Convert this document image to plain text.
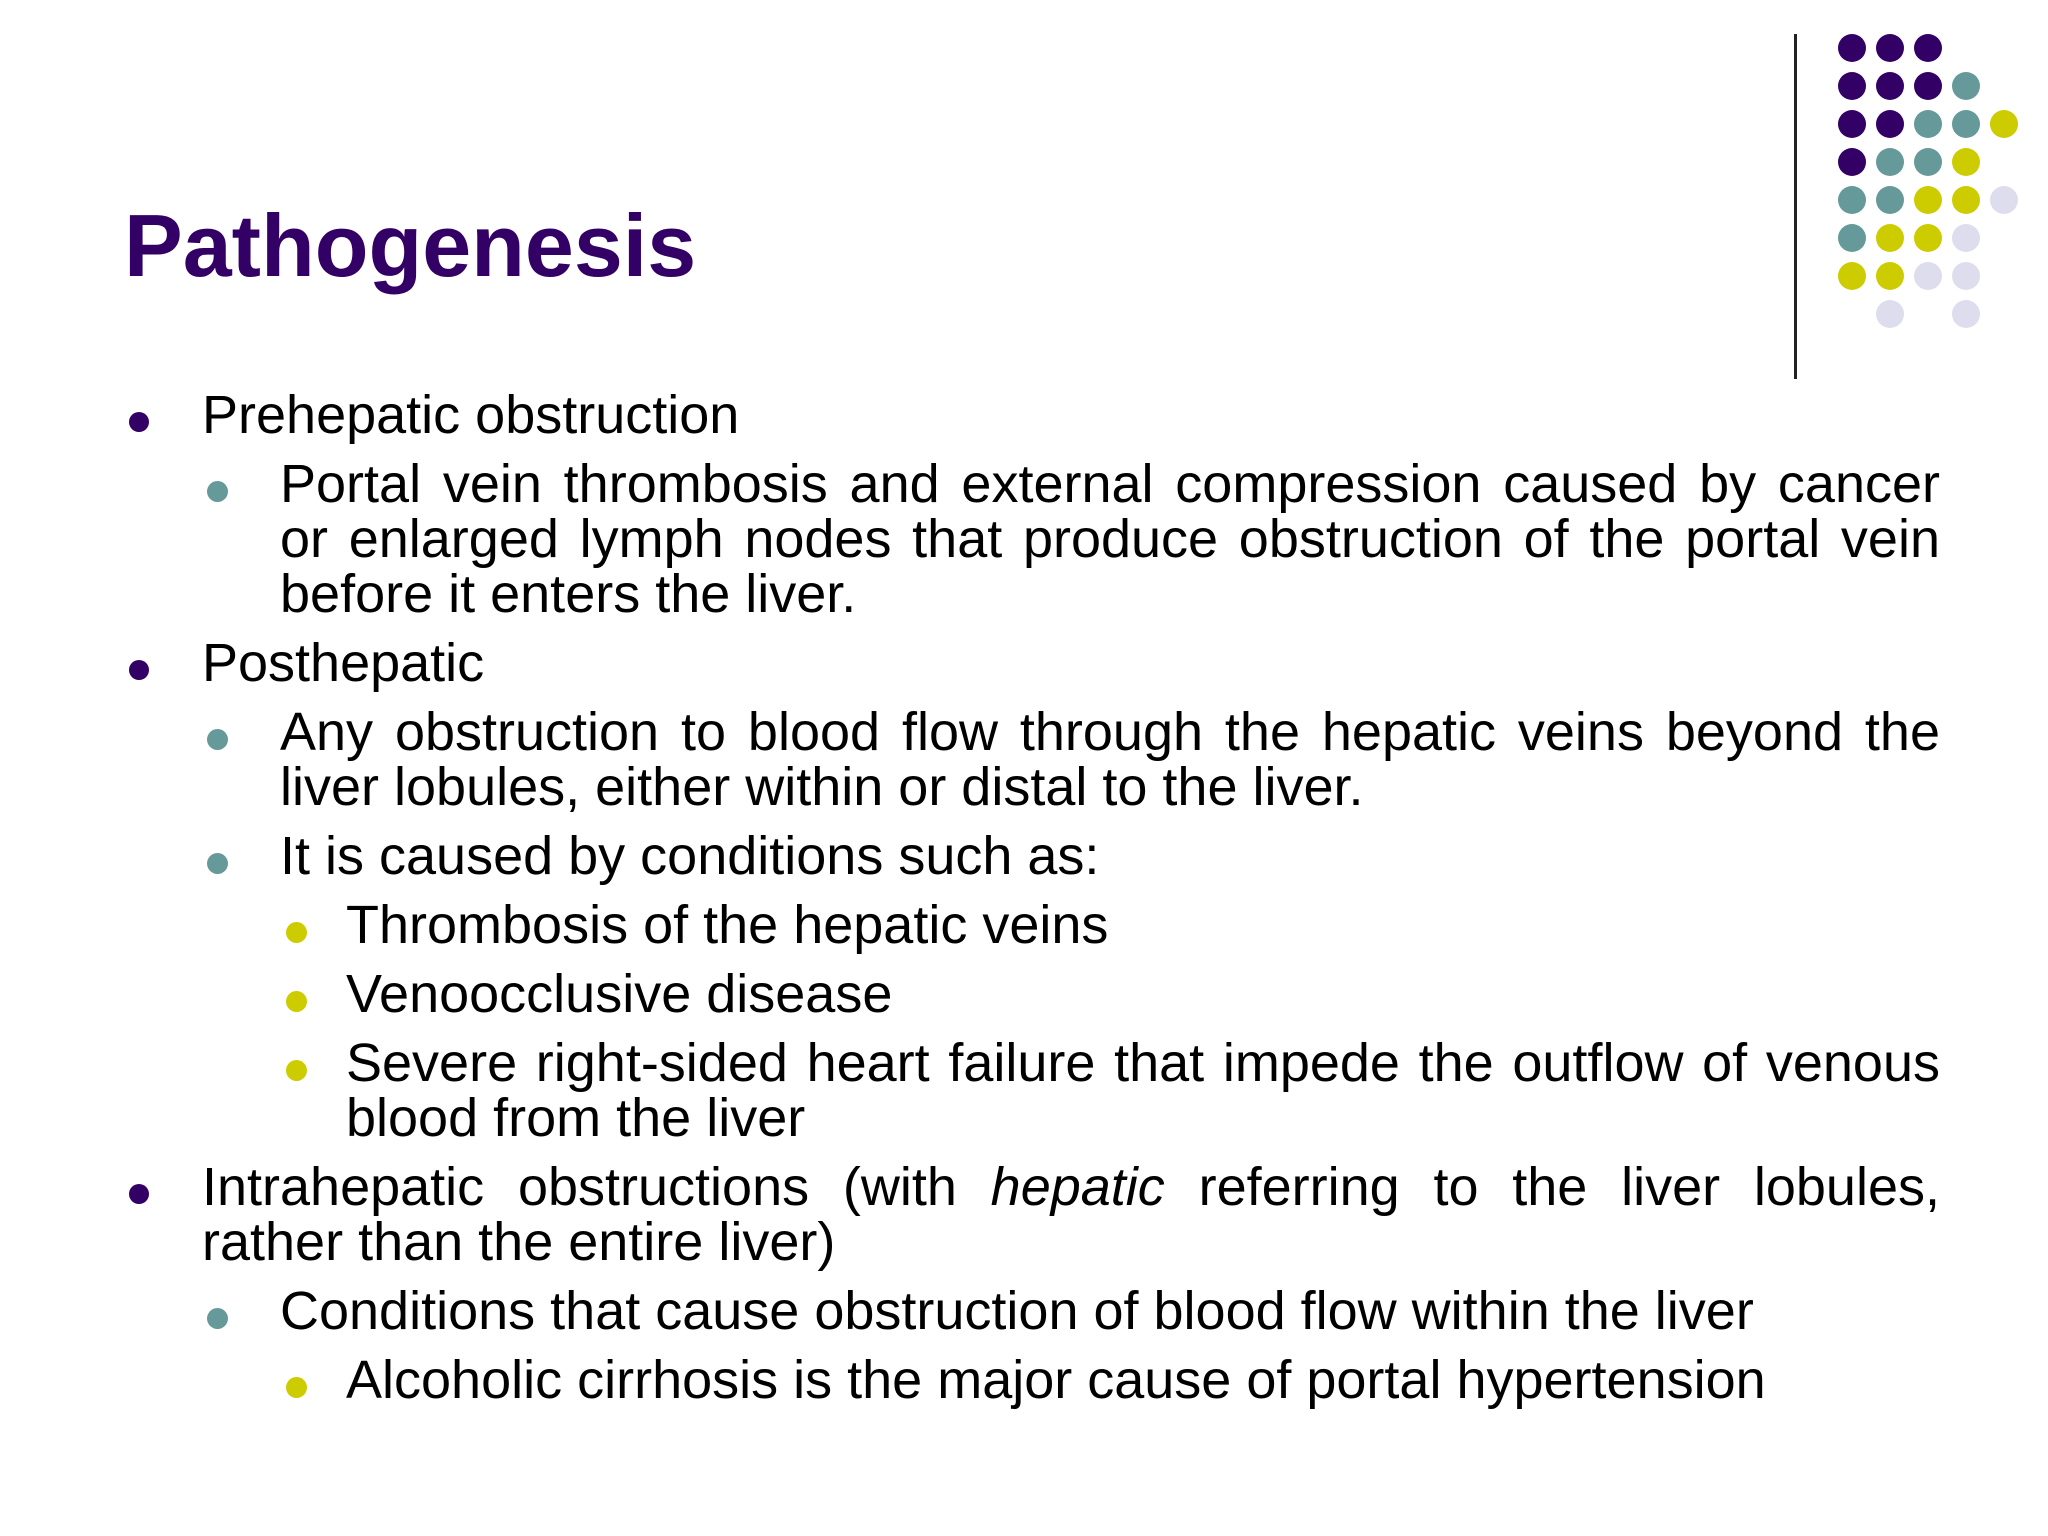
Pathogenesis
Prehepatic obstruction
Portal vein thrombosis and external compression caused by cancer or enlarged lymph nodes that produce obstruction of the portal vein before it enters the liver.
Posthepatic
Any obstruction to blood flow through the hepatic veins beyond the liver lobules, either within or distal to the liver.
It is caused by conditions such as:
Thrombosis of the hepatic veins
Venoocclusive disease
Severe right-sided heart failure that impede the outflow of venous blood from the liver
Intrahepatic obstructions (with hepatic referring to the liver lobules, rather than the entire liver)
Conditions that cause obstruction of blood flow within the liver
Alcoholic cirrhosis is the major cause of portal hypertension
